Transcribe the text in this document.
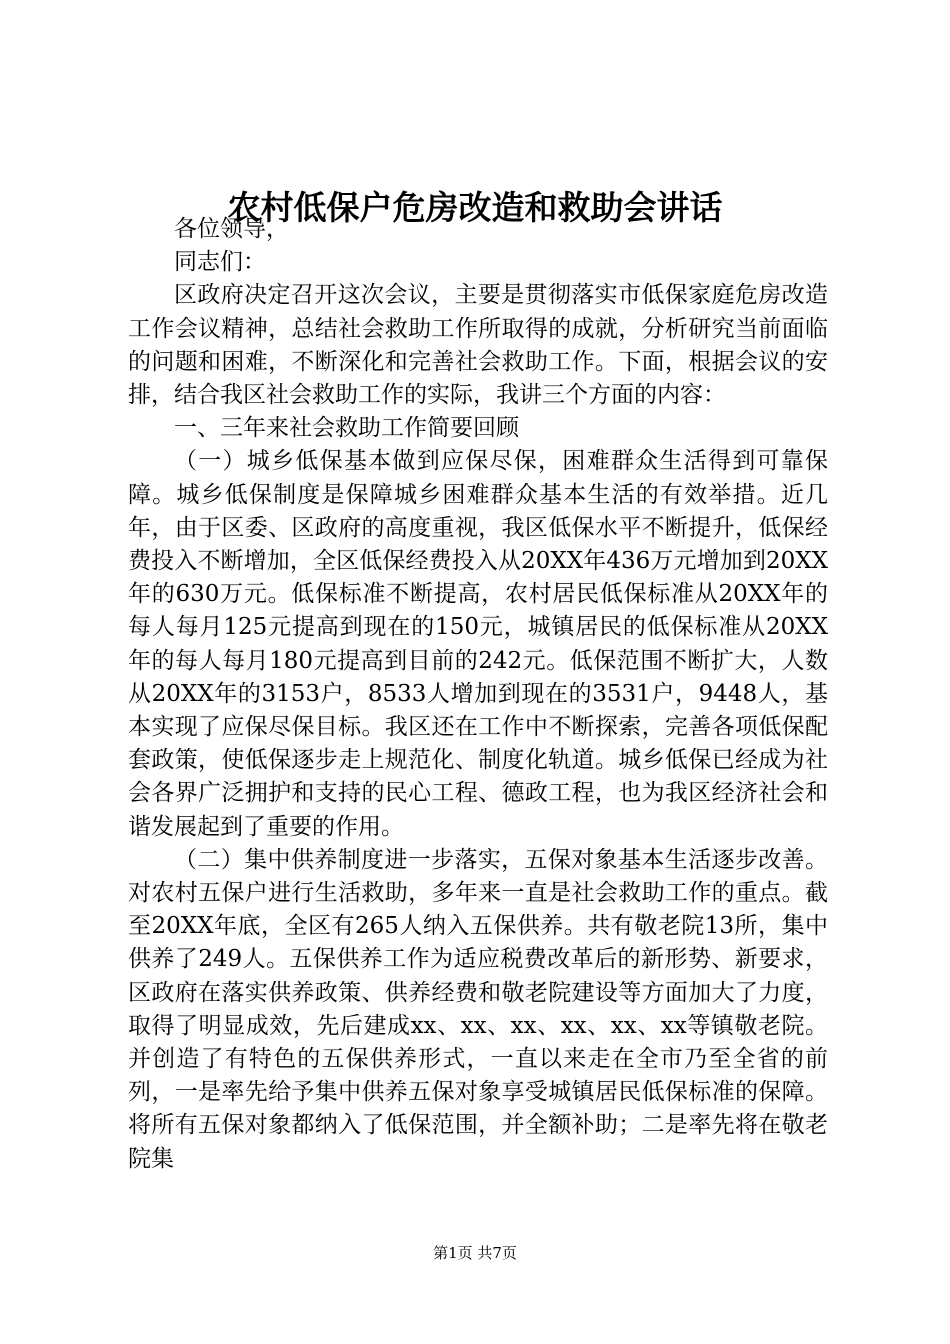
农村低保户危房改造和救助会讲话

各位领导，

同志们：

区政府决定召开这次会议，主要是贯彻落实市低保家庭危房改造工作会议精神，总结社会救助工作所取得的成就，分析研究当前面临的问题和困难，不断深化和完善社会救助工作。下面，根据会议的安排，结合我区社会救助工作的实际，我讲三个方面的内容：

一、三年来社会救助工作简要回顾

（一）城乡低保基本做到应保尽保，困难群众生活得到可靠保障。城乡低保制度是保障城乡困难群众基本生活的有效举措。近几年，由于区委、区政府的高度重视，我区低保水平不断提升，低保经费投入不断增加，全区低保经费投入从20XX年436万元增加到20XX年的630万元。低保标准不断提高，农村居民低保标准从20XX年的每人每月125元提高到现在的150元，城镇居民的低保标准从20XX年的每人每月180元提高到目前的242元。低保范围不断扩大，人数从20XX年的3153户，8533人增加到现在的3531户，9448人，基本实现了应保尽保目标。我区还在工作中不断探索，完善各项低保配套政策，使低保逐步走上规范化、制度化轨道。城乡低保已经成为社会各界广泛拥护和支持的民心工程、德政工程，也为我区经济社会和谐发展起到了重要的作用。

（二）集中供养制度进一步落实，五保对象基本生活逐步改善。对农村五保户进行生活救助，多年来一直是社会救助工作的重点。截至20XX年底，全区有265人纳入五保供养。共有敬老院13所，集中供养了249人。五保供养工作为适应税费改革后的新形势、新要求，区政府在落实供养政策、供养经费和敬老院建设等方面加大了力度，取得了明显成效，先后建成xx、xx、xx、xx、xx、xx等镇敬老院。并创造了有特色的五保供养形式，一直以来走在全市乃至全省的前列，一是率先给予集中供养五保对象享受城镇居民低保标准的保障。将所有五保对象都纳入了低保范围，并全额补助；二是率先将在敬老院集

第1页 共7页
